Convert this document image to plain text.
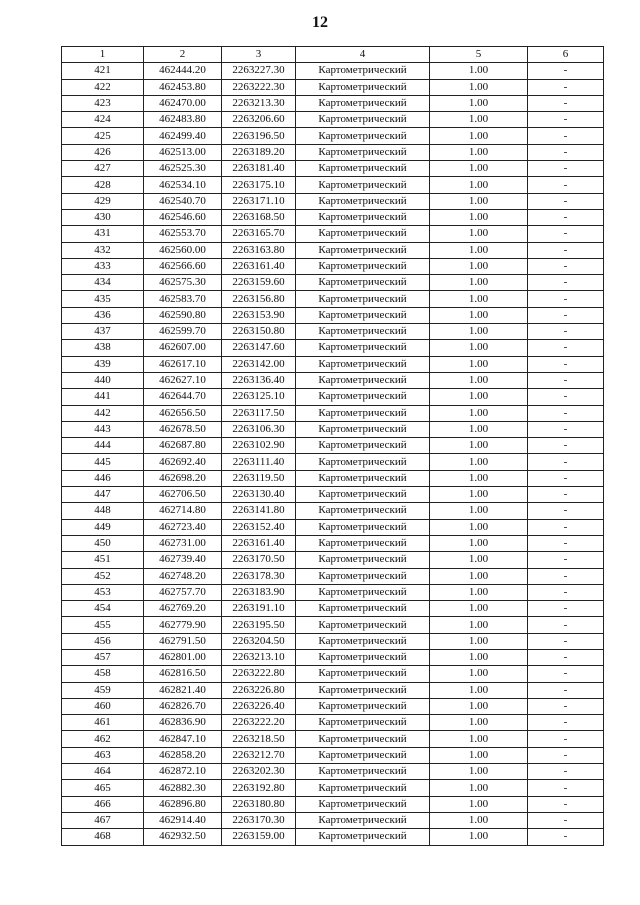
12
1	2	3	4	5	6
421	462444.20	2263227.30	Картометрический	1.00	-
422	462453.80	2263222.30	Картометрический	1.00	-
423	462470.00	2263213.30	Картометрический	1.00	-
424	462483.80	2263206.60	Картометрический	1.00	-
425	462499.40	2263196.50	Картометрический	1.00	-
426	462513.00	2263189.20	Картометрический	1.00	-
427	462525.30	2263181.40	Картометрический	1.00	-
428	462534.10	2263175.10	Картометрический	1.00	-
429	462540.70	2263171.10	Картометрический	1.00	-
430	462546.60	2263168.50	Картометрический	1.00	-
431	462553.70	2263165.70	Картометрический	1.00	-
432	462560.00	2263163.80	Картометрический	1.00	-
433	462566.60	2263161.40	Картометрический	1.00	-
434	462575.30	2263159.60	Картометрический	1.00	-
435	462583.70	2263156.80	Картометрический	1.00	-
436	462590.80	2263153.90	Картометрический	1.00	-
437	462599.70	2263150.80	Картометрический	1.00	-
438	462607.00	2263147.60	Картометрический	1.00	-
439	462617.10	2263142.00	Картометрический	1.00	-
440	462627.10	2263136.40	Картометрический	1.00	-
441	462644.70	2263125.10	Картометрический	1.00	-
442	462656.50	2263117.50	Картометрический	1.00	-
443	462678.50	2263106.30	Картометрический	1.00	-
444	462687.80	2263102.90	Картометрический	1.00	-
445	462692.40	2263111.40	Картометрический	1.00	-
446	462698.20	2263119.50	Картометрический	1.00	-
447	462706.50	2263130.40	Картометрический	1.00	-
448	462714.80	2263141.80	Картометрический	1.00	-
449	462723.40	2263152.40	Картометрический	1.00	-
450	462731.00	2263161.40	Картометрический	1.00	-
451	462739.40	2263170.50	Картометрический	1.00	-
452	462748.20	2263178.30	Картометрический	1.00	-
453	462757.70	2263183.90	Картометрический	1.00	-
454	462769.20	2263191.10	Картометрический	1.00	-
455	462779.90	2263195.50	Картометрический	1.00	-
456	462791.50	2263204.50	Картометрический	1.00	-
457	462801.00	2263213.10	Картометрический	1.00	-
458	462816.50	2263222.80	Картометрический	1.00	-
459	462821.40	2263226.80	Картометрический	1.00	-
460	462826.70	2263226.40	Картометрический	1.00	-
461	462836.90	2263222.20	Картометрический	1.00	-
462	462847.10	2263218.50	Картометрический	1.00	-
463	462858.20	2263212.70	Картометрический	1.00	-
464	462872.10	2263202.30	Картометрический	1.00	-
465	462882.30	2263192.80	Картометрический	1.00	-
466	462896.80	2263180.80	Картометрический	1.00	-
467	462914.40	2263170.30	Картометрический	1.00	-
468	462932.50	2263159.00	Картометрический	1.00	-
